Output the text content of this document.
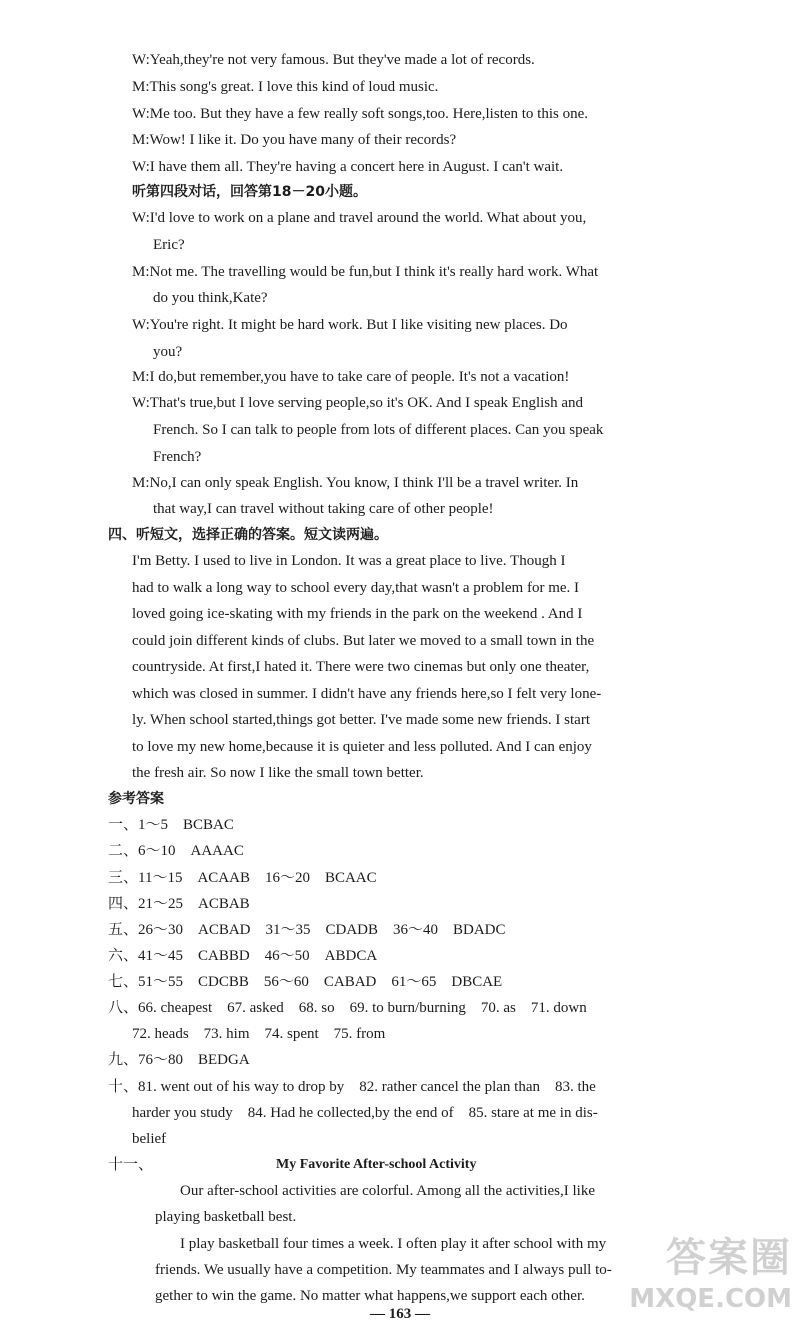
W:Yeah,they're not very famous. But they've made a lot of records.
M:This song's great. I love this kind of loud music.
W:Me too. But they have a few really soft songs,too. Here,listen to this one.
M:Wow! I like it. Do you have many of their records?
W:I have them all. They're having a concert here in August. I can't wait.
听第四段对话，回答第18－20小题。
W:I'd love to work on a plane and travel around the world. What about you,
Eric?
M:Not me. The travelling would be fun,but I think it's really hard work. What
do you think,Kate?
W:You're right. It might be hard work. But I like visiting new places. Do
you?
M:I do,but remember,you have to take care of people. It's not a vacation!
W:That's true,but I love serving people,so it's OK. And I speak English and
French. So I can talk to people from lots of different places. Can you speak
French?
M:No,I can only speak English. You know, I think I'll be a travel writer. In
that way,I can travel without taking care of other people!
四、听短文，选择正确的答案。短文读两遍。
I'm Betty. I used to live in London. It was a great place to live. Though I
had to walk a long way to school every day,that wasn't a problem for me. I
loved going ice-skating with my friends in the park on the weekend . And I
could join different kinds of clubs. But later we moved to a small town in the
countryside. At first,I hated it. There were two cinemas but only one theater,
which was closed in summer. I didn't have any friends here,so I felt very lone-
ly. When school started,things got better. I've made some new friends. I start
to love my new home,because it is quieter and less polluted. And I can enjoy
the fresh air. So now I like the small town better.
参考答案
一、1～5　BCBAC
二、6～10　AAAAC
三、11～15　ACAAB　16～20　BCAAC
四、21～25　ACBAB
五、26～30　ACBAD　31～35　CDADB　36～40　BDADC
六、41～45　CABBD　46～50　ABDCA
七、51～55　CDCBB　56～60　CABAD　61～65　DBCAE
八、66. cheapest　67. asked　68. so　69. to burn/burning　70. as　71. down
72. heads　73. him　74. spent　75. from
九、76～80　BEDGA
十、81. went out of his way to drop by　82. rather cancel the plan than　83. the
harder you study　84. Had he collected,by the end of　85. stare at me in dis-
belief
十一、	My Favorite After-school Activity
Our after-school activities are colorful. Among all the activities,I like
playing basketball best.
I play basketball four times a week. I often play it after school with my
friends. We usually have a competition. My teammates and I always pull to-
gether to win the game. No matter what happens,we support each other.
— 163 —
答案圈
MXQE.COM
